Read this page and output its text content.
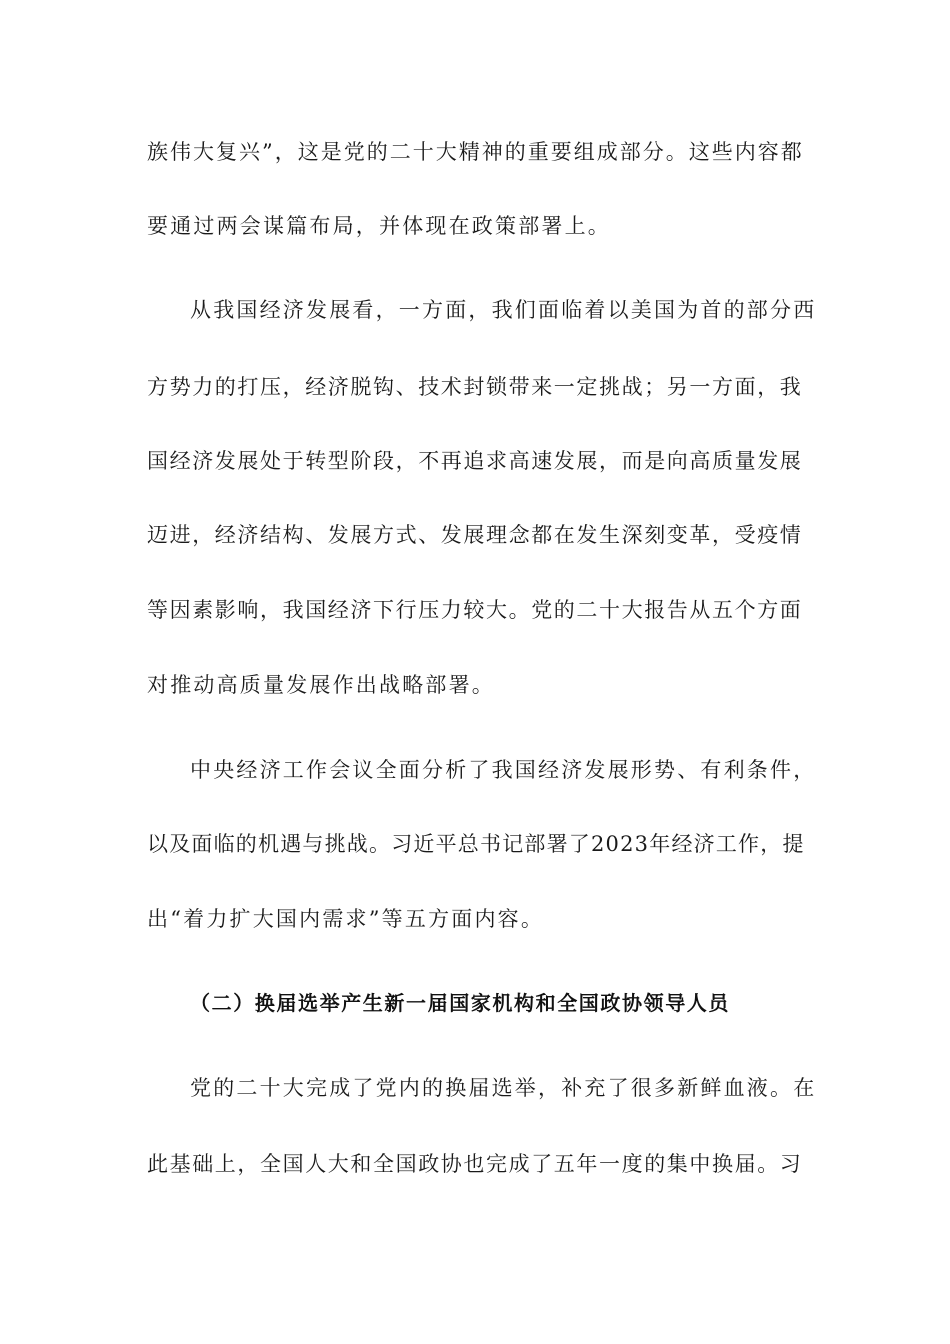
族伟大复兴”，这是党的二十大精神的重要组成部分。这些内容都
要通过两会谋篇布局，并体现在政策部署上。
从我国经济发展看，一方面，我们面临着以美国为首的部分西
方势力的打压，经济脱钩、技术封锁带来一定挑战；另一方面，我
国经济发展处于转型阶段，不再追求高速发展，而是向高质量发展
迈进，经济结构、发展方式、发展理念都在发生深刻变革，受疫情
等因素影响，我国经济下行压力较大。党的二十大报告从五个方面
对推动高质量发展作出战略部署。
中央经济工作会议全面分析了我国经济发展形势、有利条件，
以及面临的机遇与挑战。习近平总书记部署了2023年经济工作，提
出“着力扩大国内需求”等五方面内容。
（二）换届选举产生新一届国家机构和全国政协领导人员
党的二十大完成了党内的换届选举，补充了很多新鲜血液。在
此基础上，全国人大和全国政协也完成了五年一度的集中换届。习
